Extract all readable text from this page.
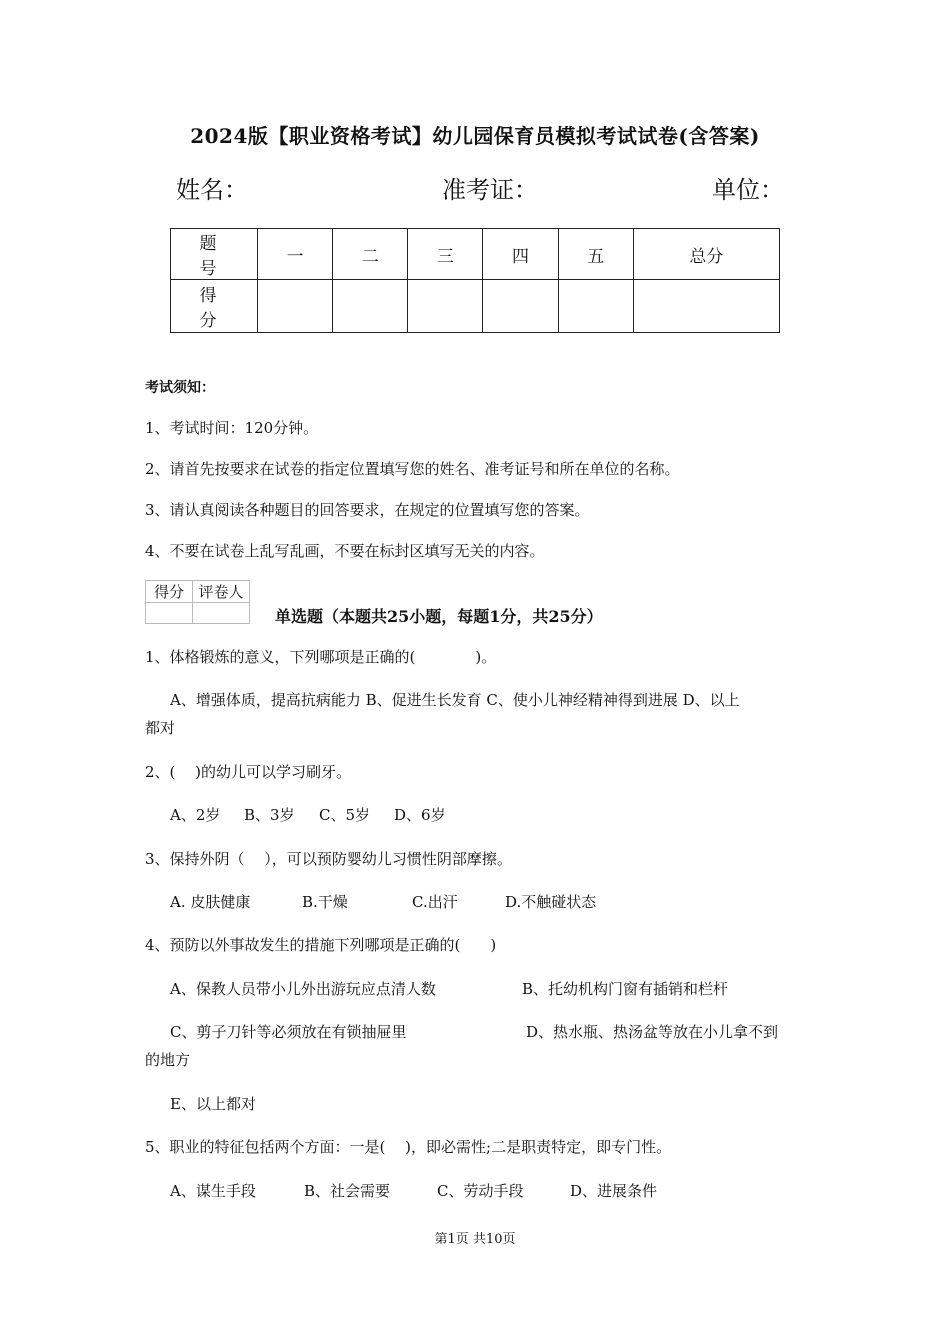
2024版【职业资格考试】幼儿园保育员模拟考试试卷(含答案)
姓名：	准考证：	单位：
题　号	一	二	三	四	五	总分
得　分						
考试须知：
1、考试时间：120分钟。
2、请首先按要求在试卷的指定位置填写您的姓名、准考证号和所在单位的名称。
3、请认真阅读各种题目的回答要求，在规定的位置填写您的答案。
4、不要在试卷上乱写乱画，不要在标封区填写无关的内容。
得分	评卷人

单选题（本题共25小题，每题1分，共25分）
1、体格锻炼的意义，下列哪项是正确的(　　　　)。
A、增强体质，提高抗病能力 B、促进生长发育 C、使小儿神经精神得到进展 D、以上
都对
2、(　 )的幼儿可以学习刷牙。
A、2岁 B、3岁 C、5岁 D、6岁
3、保持外阴（　 ），可以预防婴幼儿习惯性阴部摩擦。
A. 皮肤健康	B.干燥	C.出汗	D.不触碰状态
4、预防以外事故发生的措施下列哪项是正确的(　　)
A、保教人员带小儿外出游玩应点清人数	B、托幼机构门窗有插销和栏杆
C、剪子刀针等必须放在有锁抽屉里	D、热水瓶、热汤盆等放在小儿拿不到
的地方
E、以上都对
5、职业的特征包括两个方面：一是(　 )，即必需性;二是职责特定，即专门性。
A、谋生手段	B、社会需要	C、劳动手段	D、进展条件
第1页 共10页
